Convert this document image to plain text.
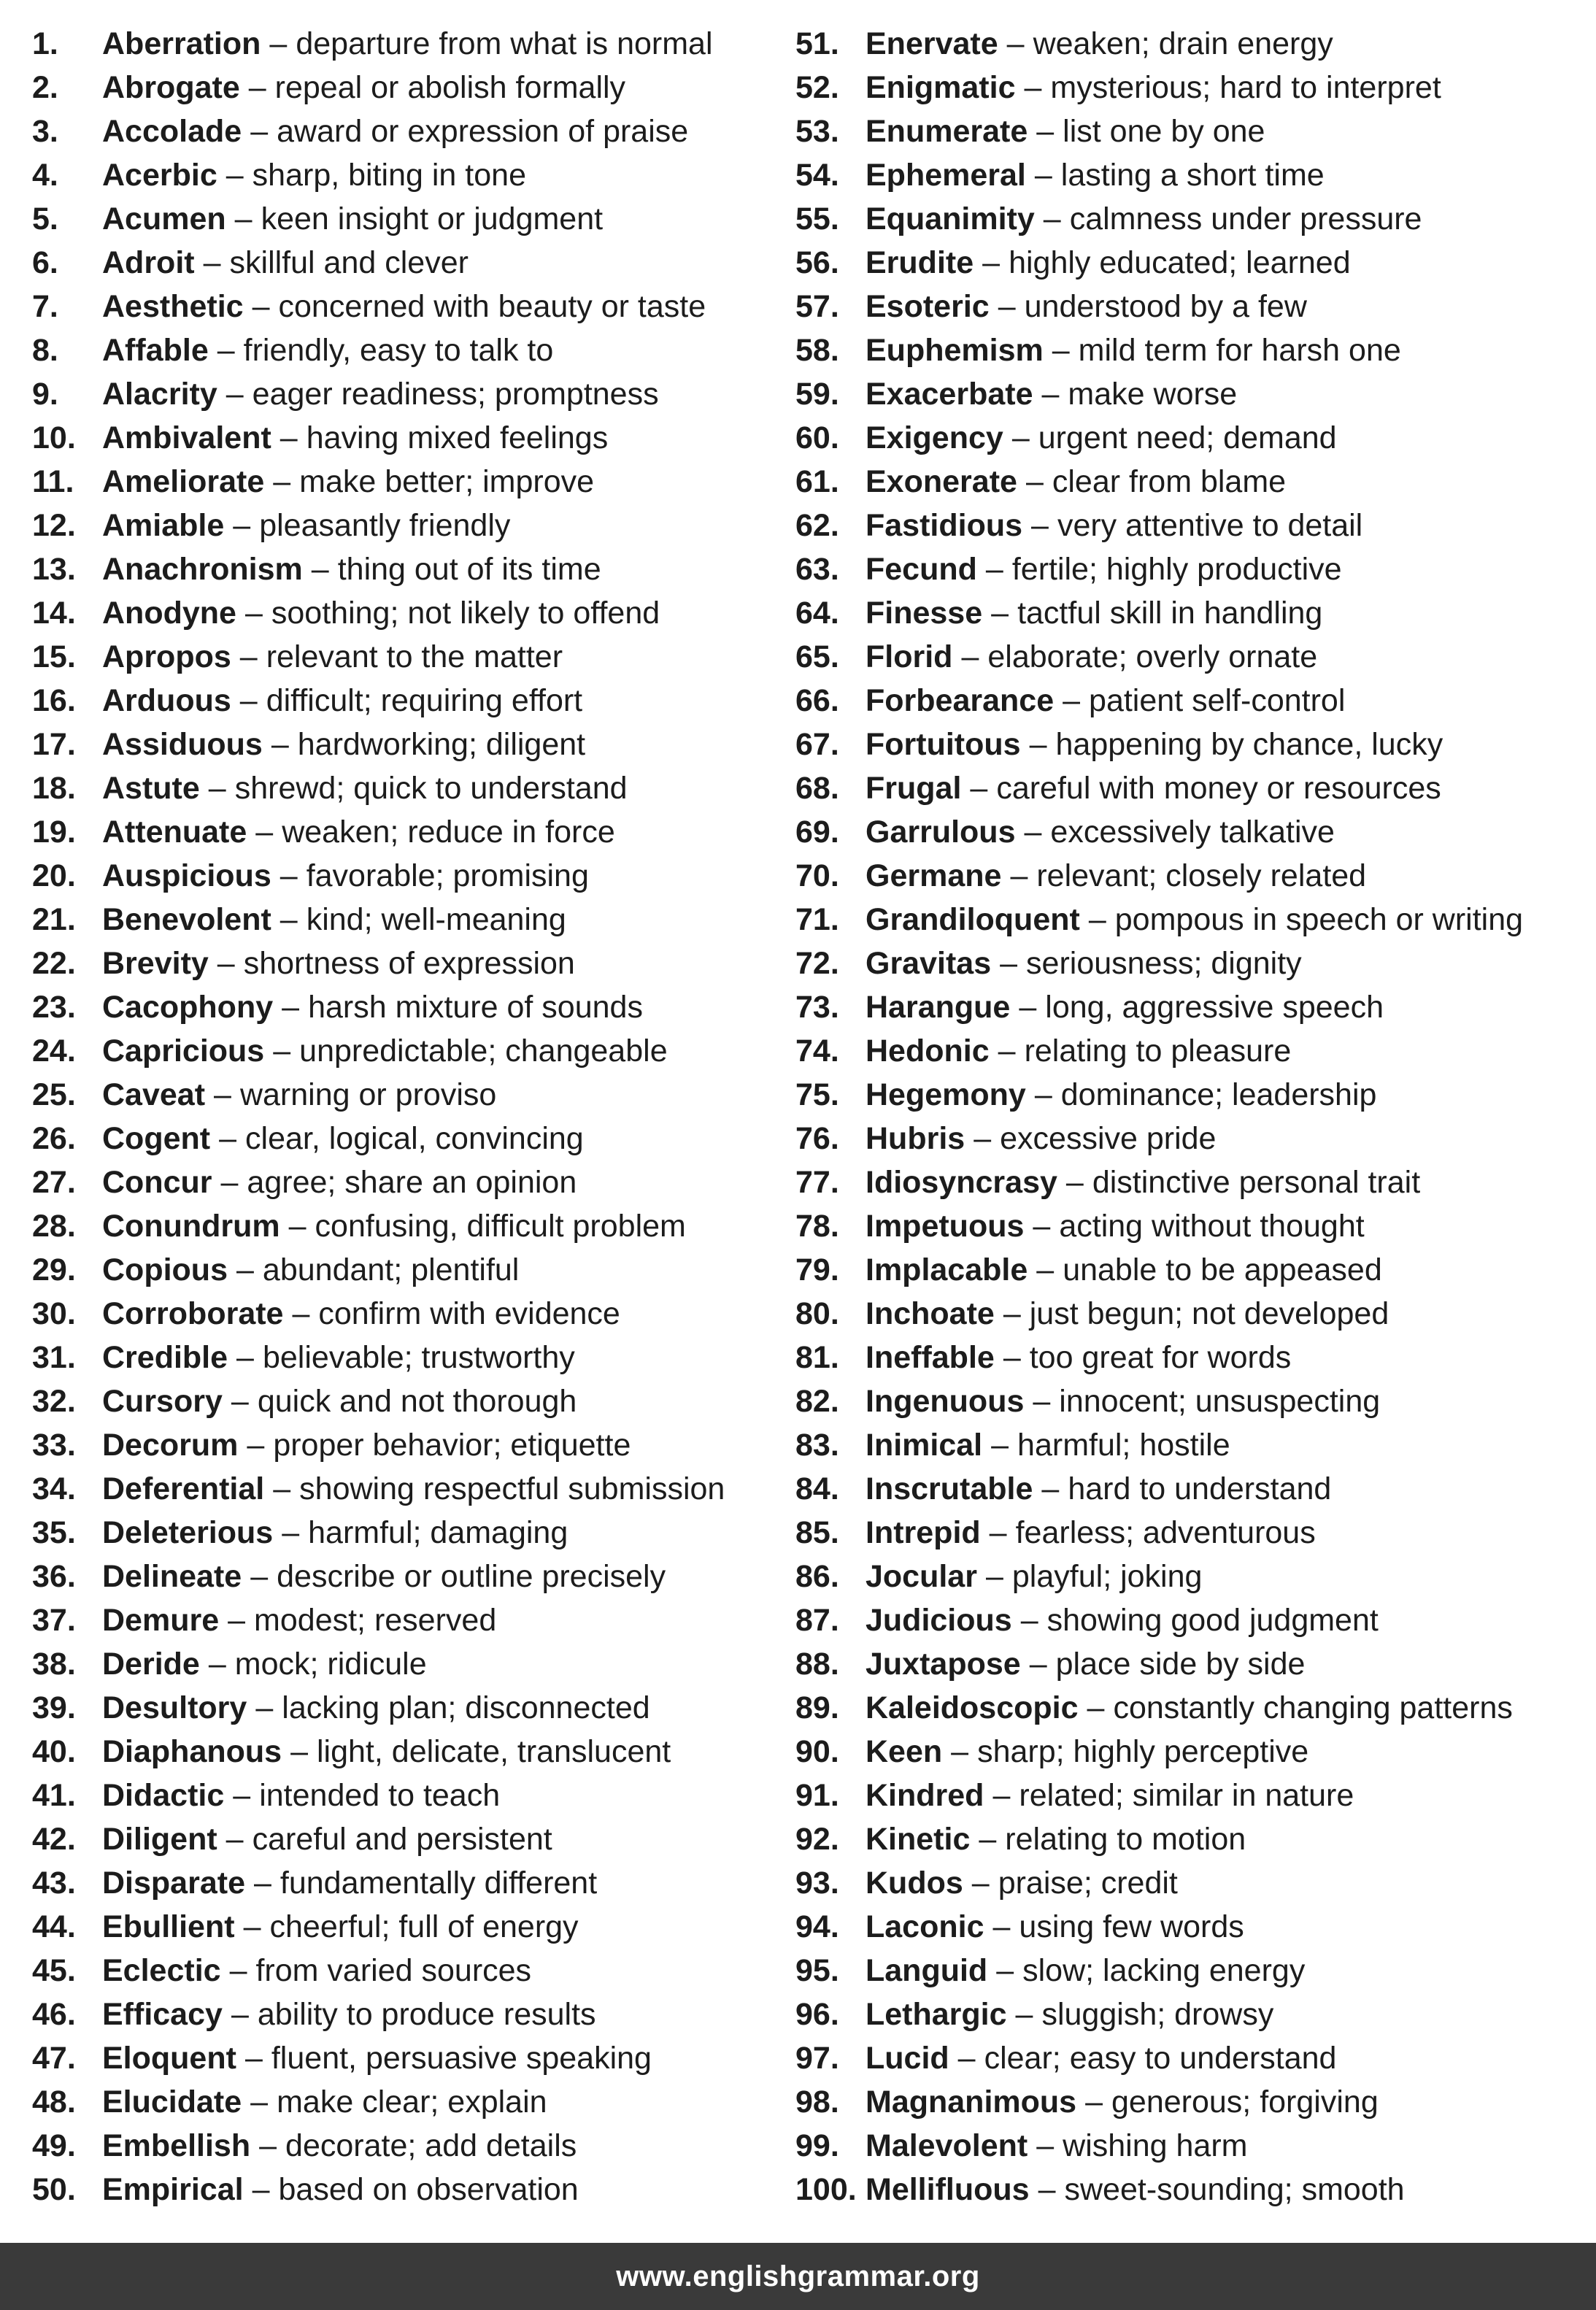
1.	Aberration – departure from what is normal
2.	Abrogate – repeal or abolish formally
3.	Accolade – award or expression of praise
4.	Acerbic – sharp, biting in tone
5.	Acumen – keen insight or judgment
6.	Adroit – skillful and clever
7.	Aesthetic – concerned with beauty or taste
8.	Affable – friendly, easy to talk to
9.	Alacrity – eager readiness; promptness
10. Ambivalent – having mixed feelings
11. Ameliorate – make better; improve
12. Amiable – pleasantly friendly
13. Anachronism – thing out of its time
14. Anodyne – soothing; not likely to offend
15. Apropos – relevant to the matter
16. Arduous – difficult; requiring effort
17. Assiduous – hardworking; diligent
18. Astute – shrewd; quick to understand
19. Attenuate – weaken; reduce in force
20. Auspicious – favorable; promising
21. Benevolent – kind; well-meaning
22. Brevity – shortness of expression
23. Cacophony – harsh mixture of sounds
24. Capricious – unpredictable; changeable
25. Caveat – warning or proviso
26. Cogent – clear, logical, convincing
27. Concur – agree; share an opinion
28. Conundrum – confusing, difficult problem
29. Copious – abundant; plentiful
30. Corroborate – confirm with evidence
31. Credible – believable; trustworthy
32. Cursory – quick and not thorough
33. Decorum – proper behavior; etiquette
34. Deferential – showing respectful submission
35. Deleterious – harmful; damaging
36. Delineate – describe or outline precisely
37. Demure – modest; reserved
38. Deride – mock; ridicule
39. Desultory – lacking plan; disconnected
40. Diaphanous – light, delicate, translucent
41. Didactic – intended to teach
42. Diligent – careful and persistent
43. Disparate – fundamentally different
44. Ebullient – cheerful; full of energy
45. Eclectic – from varied sources
46. Efficacy – ability to produce results
47. Eloquent – fluent, persuasive speaking
48. Elucidate – make clear; explain
49. Embellish – decorate; add details
50. Empirical – based on observation
51. Enervate – weaken; drain energy
52. Enigmatic – mysterious; hard to interpret
53. Enumerate – list one by one
54. Ephemeral – lasting a short time
55. Equanimity – calmness under pressure
56. Erudite – highly educated; learned
57. Esoteric – understood by a few
58. Euphemism – mild term for harsh one
59. Exacerbate – make worse
60. Exigency – urgent need; demand
61. Exonerate – clear from blame
62. Fastidious – very attentive to detail
63. Fecund – fertile; highly productive
64. Finesse – tactful skill in handling
65. Florid – elaborate; overly ornate
66. Forbearance – patient self-control
67. Fortuitous – happening by chance, lucky
68. Frugal – careful with money or resources
69. Garrulous – excessively talkative
70. Germane – relevant; closely related
71. Grandiloquent – pompous in speech or writing
72. Gravitas – seriousness; dignity
73. Harangue – long, aggressive speech
74. Hedonic – relating to pleasure
75. Hegemony – dominance; leadership
76. Hubris – excessive pride
77. Idiosyncrasy – distinctive personal trait
78. Impetuous – acting without thought
79. Implacable – unable to be appeased
80. Inchoate – just begun; not developed
81. Ineffable – too great for words
82. Ingenuous – innocent; unsuspecting
83. Inimical – harmful; hostile
84. Inscrutable – hard to understand
85. Intrepid – fearless; adventurous
86. Jocular – playful; joking
87. Judicious – showing good judgment
88. Juxtapose – place side by side
89. Kaleidoscopic – constantly changing patterns
90. Keen – sharp; highly perceptive
91. Kindred – related; similar in nature
92. Kinetic – relating to motion
93. Kudos – praise; credit
94. Laconic – using few words
95. Languid – slow; lacking energy
96. Lethargic – sluggish; drowsy
97. Lucid – clear; easy to understand
98. Magnanimous – generous; forgiving
99. Malevolent – wishing harm
100. Mellifluous – sweet-sounding; smooth
www.englishgrammar.org
